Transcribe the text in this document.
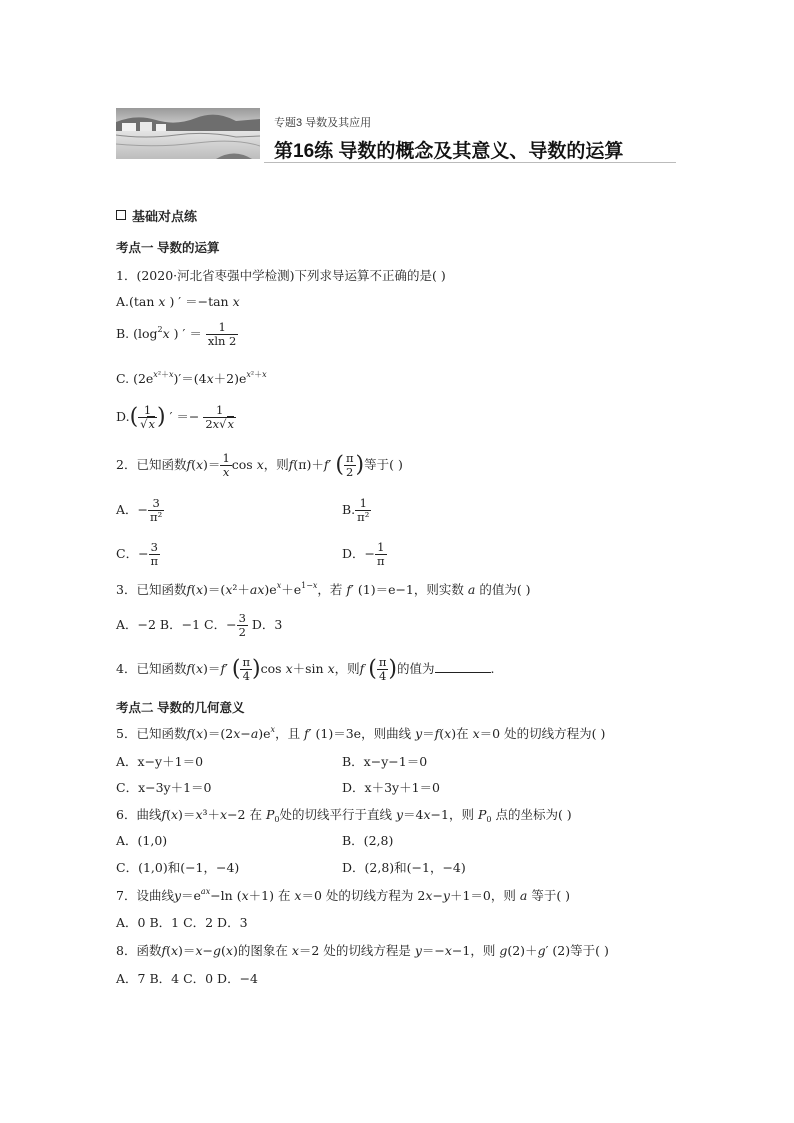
专题3 导数及其应用
第16练 导数的概念及其意义、导数的运算
基础对点练
考点一 导数的运算
1．(2020·河北省枣强中学检测)下列求导运算不正确的是( )
A.(tan x ) ′ ＝−tan x
B. ($\log^2x$ ) ′ ＝ $\frac{1}{xln 2}$
C. $(2e^{x^2+x})'=(4x+2)e^{x^2+x}$
$D.( \frac{1}{√x}$ ) ′ ＝− $\frac{1}{2x√x}$
2．已知函数$f(x)= \frac{1}{x}$ cos x，则f(π)＋f′ ( $\frac{\pi}{2}$ )等于( )
A．− $\frac{3}{\text{π²}}$	B. $\frac{1}{\text{π²}}$
C．− $\frac{3}{\pi}$	D．− $\frac{1}{\pi}$
3．已知函数$f(x)=(x^2+ax)e^x+e^{1-x}$，若 f′ (1)＝e−1，则实数 a 的值为( )
A．−2 B．−1 C．− $\frac{3}{2}$ D．3
4．已知函数f(x)＝f′ ( $\frac{\pi}{4} )\cos$ x＋sin x，则f ( $\frac{\pi}{4}$ )的值为	.
考点二 导数的几何意义
5．已知函数$f(x)=(2x-a)e^x$，且 f′ (1)＝3e，则曲线 y＝f(x)在 x＝0 处的切线方程为( )
A．x−y＋1＝0	B．x−y−1＝0
C．x−3y＋1＝0	D．x＋3y＋1＝0
6．曲线f(x)＝x³＋x−2 在 $P_0$处的切线平行于直线 y＝4x−1，则 $P_0$ 点的坐标为( )
A．(1,0)	B．(2,8)
C．(1,0)和(−1，−4)	D．(2,8)和(−1，−4)
7．设曲线$y=e^{ax}-\ln$ (x＋1) 在 x＝0 处的切线方程为 2x−y＋1＝0，则 a 等于( )
A．0 B．1 C．2 D．3
8．函数f(x)＝x−g(x)的图象在 x＝2 处的切线方程是 y＝−x−1，则 g(2)＋g′ (2)等于( )
A．7 B．4 C．0 D．−4
